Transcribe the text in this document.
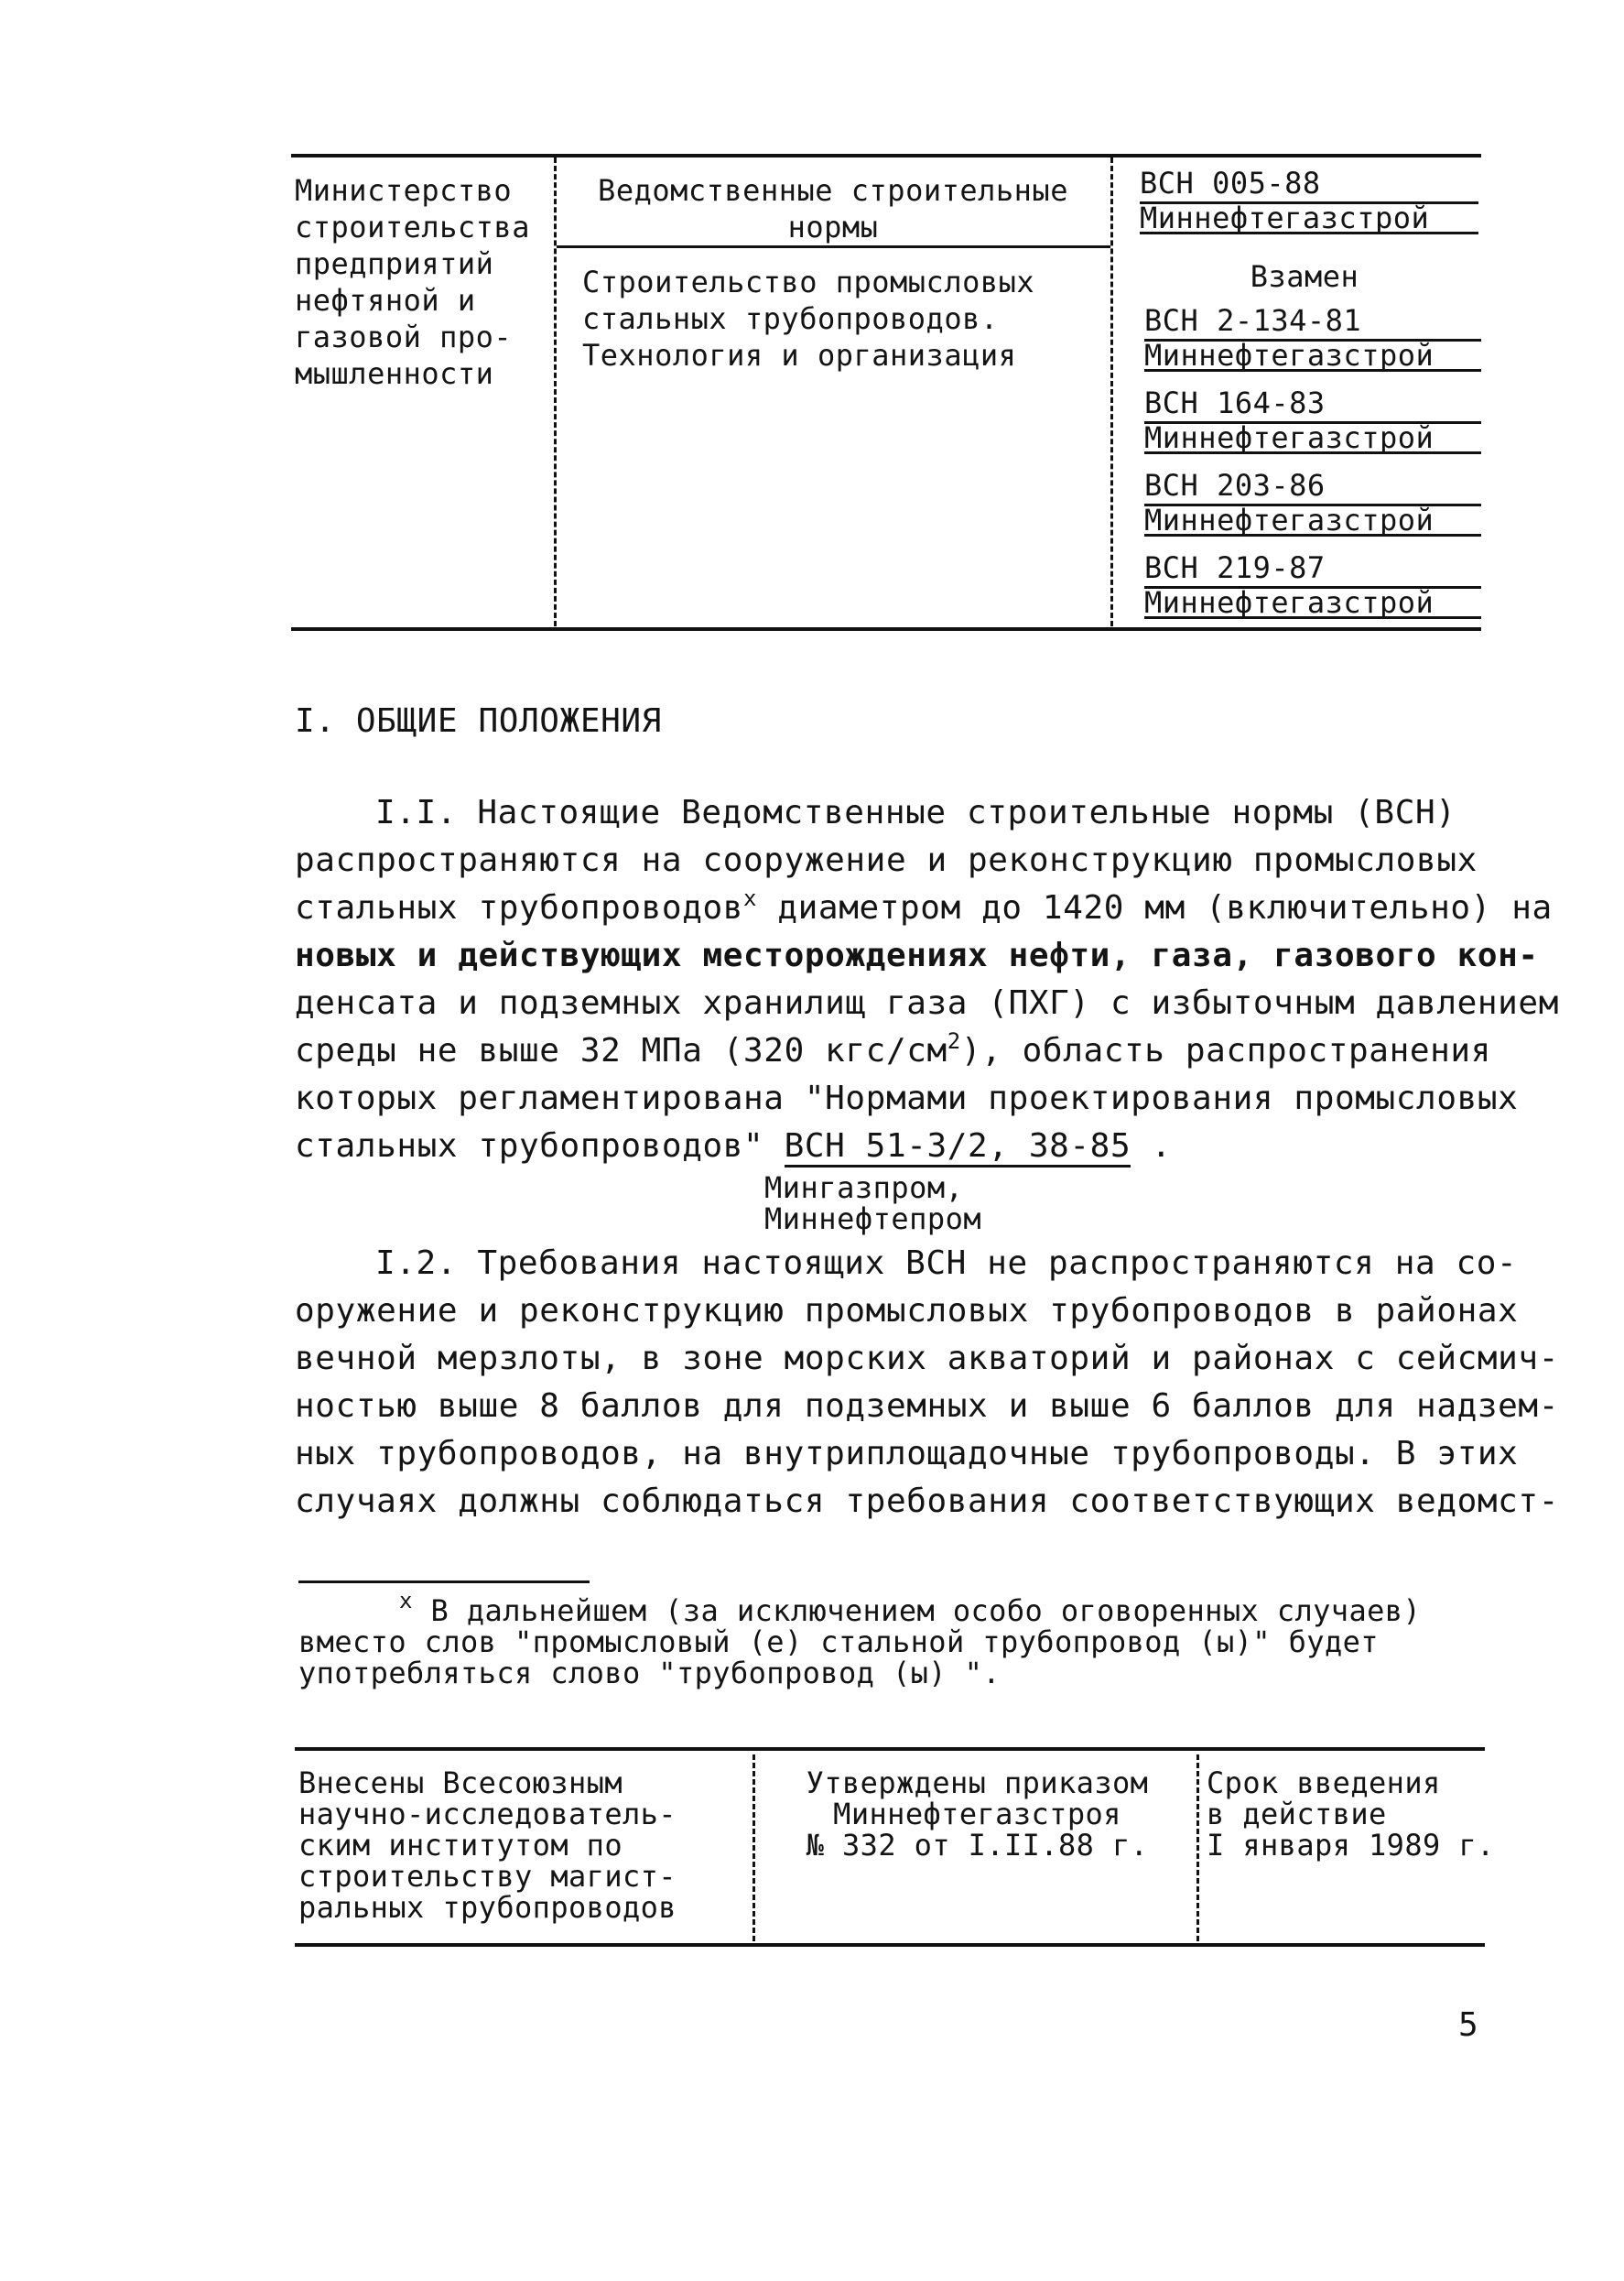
Министерство
строительства
предприятий
нефтяной и
газовой про-
мышленности
Ведомственные строительные
нормы
Строительство промысловых
стальных трубопроводов.
Технология и организация
ВСН 005-88
Миннефтегазстрой
Взамен
ВСН 2-134-81
Миннефтегазстрой
ВСН 164-83
Миннефтегазстрой
ВСН 203-86
Миннефтегазстрой
ВСН 219-87
Миннефтегазстрой
I. ОБЩИЕ ПОЛОЖЕНИЯ
I.I. Настоящие Ведомственные строительные нормы (ВСН)
распространяются на сооружение и реконструкцию промысловых
стальных трубопроводов$^x$ диаметром до 1420 мм (включительно) на
новых и действующих месторождениях нефти, газа, газового кон-
денсата и подземных хранилищ газа (ПХГ) с избыточным давлением
среды не выше 32 МПа (320 кгс/$см^2$), область распространения
которых регламентирована "Нормами проектирования промысловых
стальных трубопроводов" ВСН 51-3/2, 38-85 .
Мингазпром,
Миннефтепром
I.2. Требования настоящих ВСН не распространяются на со-
оружение и реконструкцию промысловых трубопроводов в районах
вечной мерзлоты, в зоне морских акваторий и районах с сейсмич-
ностью выше 8 баллов для подземных и выше 6 баллов для надзем-
ных трубопроводов, на внутриплощадочные трубопроводы. В этих
случаях должны соблюдаться требования соответствующих ведомст-
$^x$ В дальнейшем (за исключением особо оговоренных случаев)
вместо слов "промысловый (е) стальной трубопровод (ы)" будет
употребляться слово "трубопровод (ы) ".
Внесены Всесоюзным
научно-исследователь-
ским институтом по
строительству магист-
ральных трубопроводов
Утверждены приказом
Миннефтегазстроя
№ 332 от I.II.88 г.
Срок введения
в действие
I января 1989 г.
5
